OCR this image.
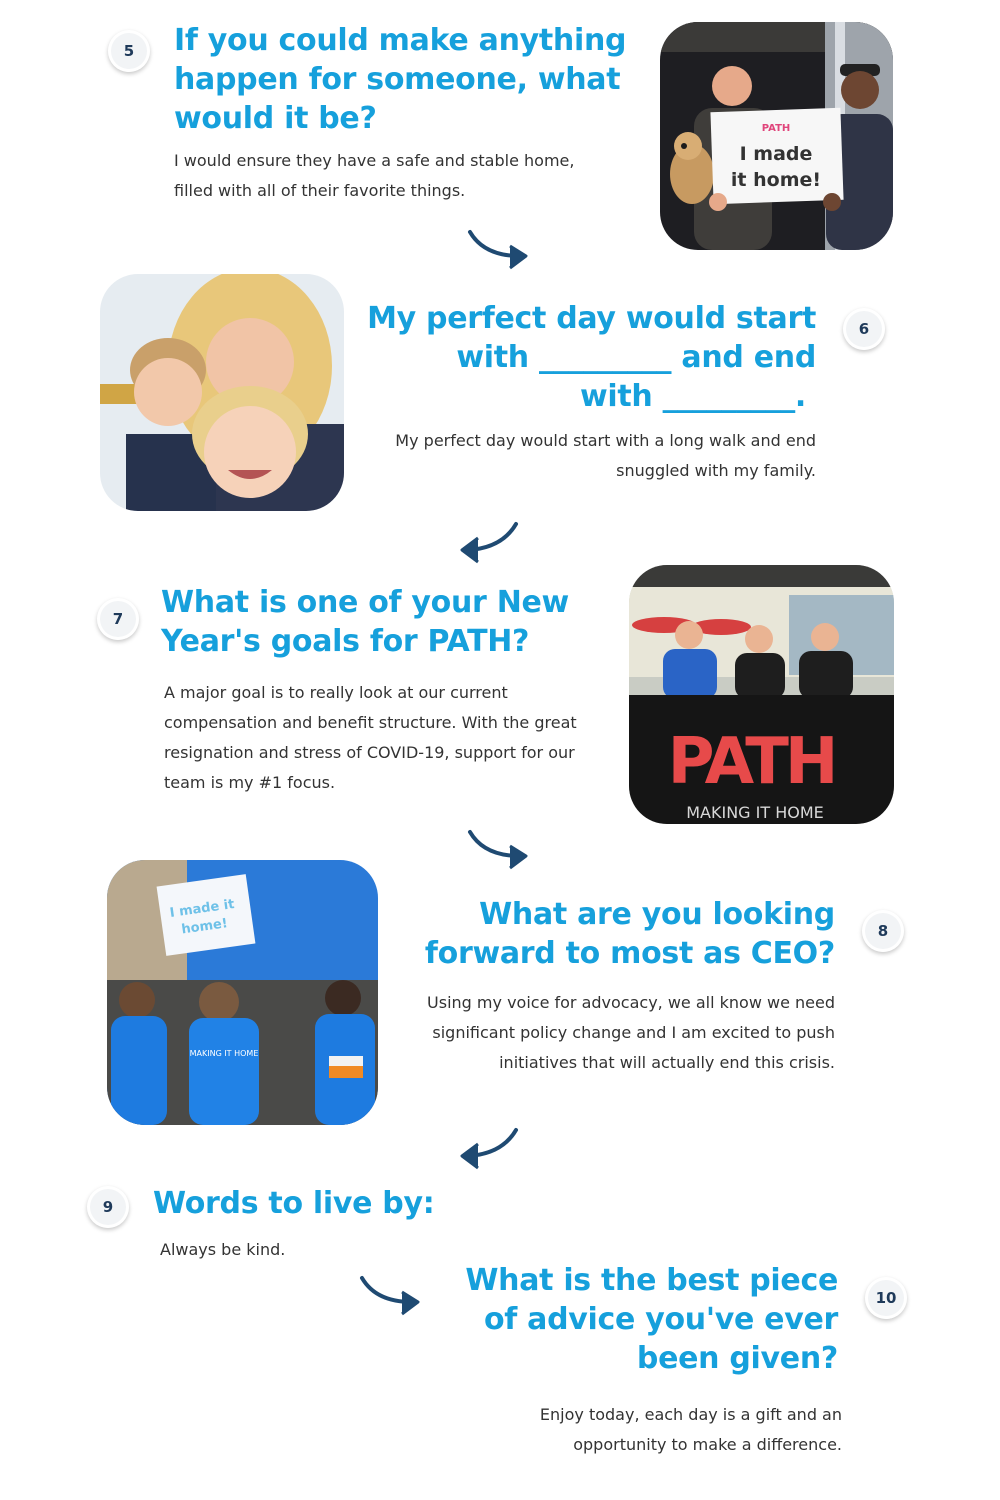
5 If you could make anything happen for someone, what would it be?

I would ensure they have a safe and stable home, filled with all of their favorite things.

PATH
I made
it home!
6
My perfect day would start
with _________ and end
with _________.

My perfect day would start with a long walk and end snuggled with my family.

7 What is one of your New Year's goals for PATH?

A major goal is to really look at our current compensation and benefit structure. With the great resignation and stress of COVID-19, support for our team is my #1 focus.	PATH
MAKING IT HOME
I made it
home!
MAKING IT HOME
8
What are you looking forward to most as CEO?

Using my voice for advocacy, we all know we need significant policy change and I am excited to push initiatives that will actually end this crisis.

9 Words to live by:

Always be kind.

10
What is the best piece of advice you've ever been given?

Enjoy today, each day is a gift and an opportunity to make a difference.
